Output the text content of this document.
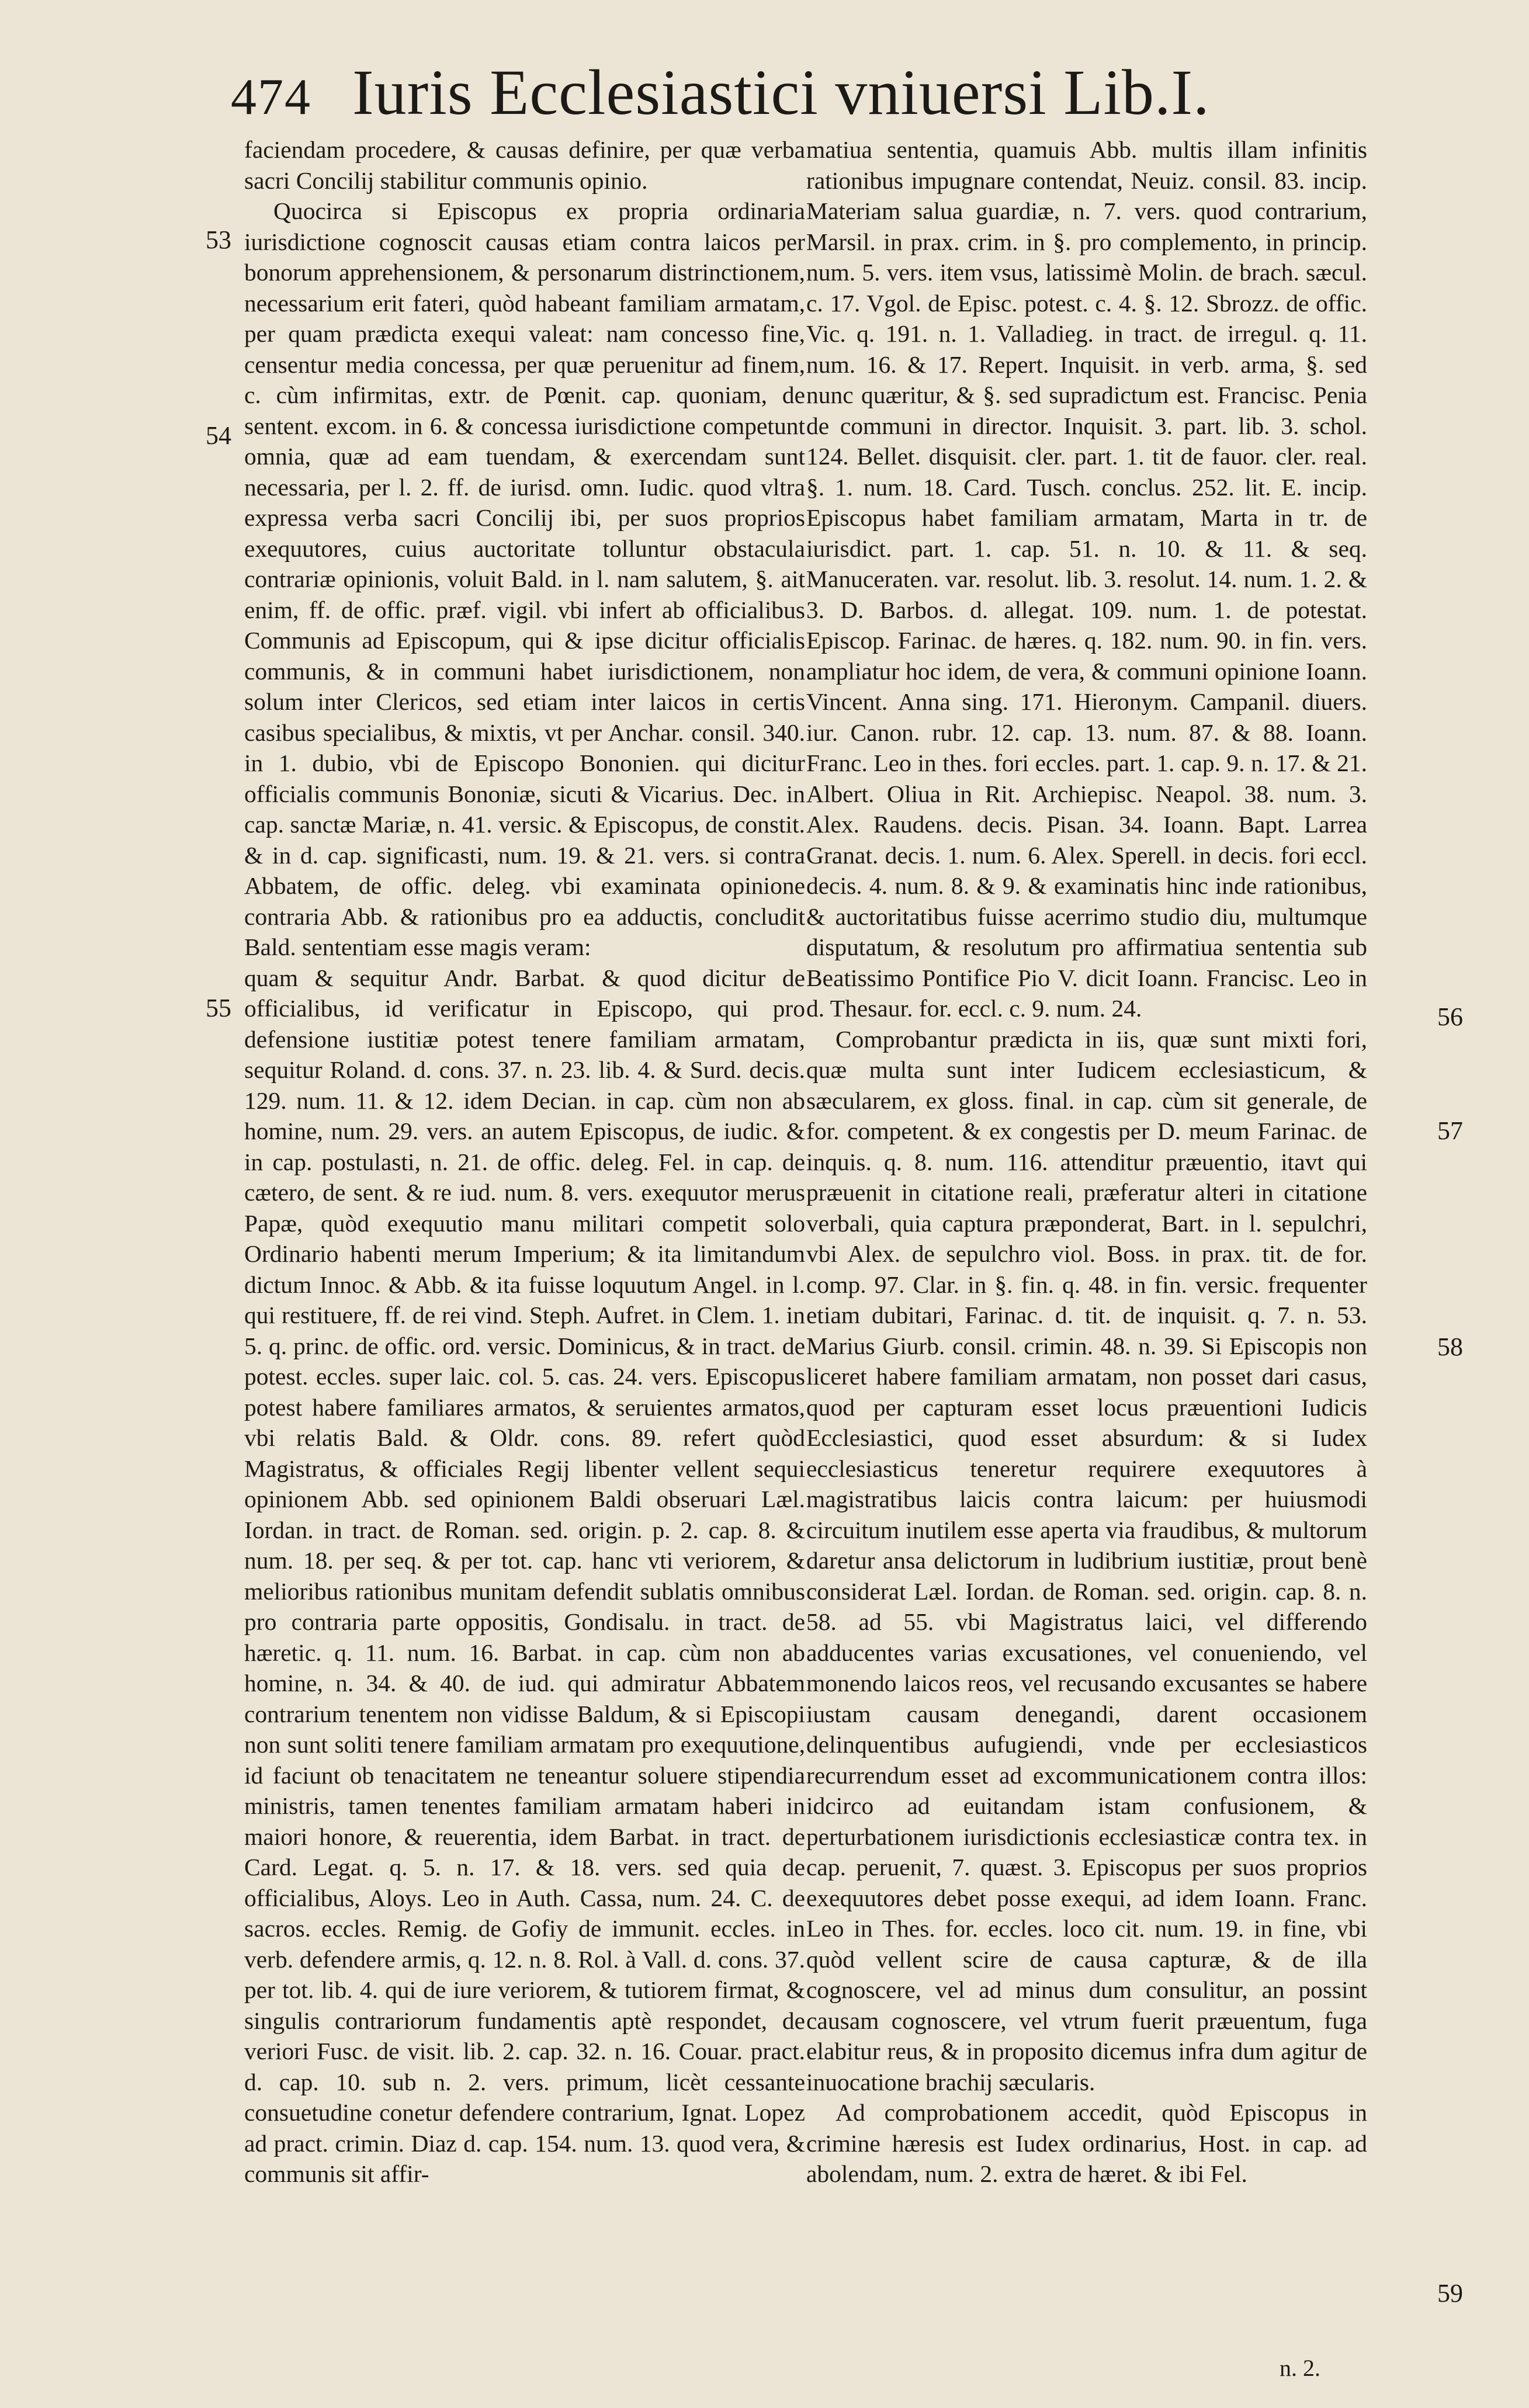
474 Iuris Ecclesiastici vniuersi Lib.I.

faciendam procedere, & causas definire, per quæ verba sacri Concilij stabilitur communis opinio.

Quocirca si Episcopus ex propria ordinaria iurisdictione cognoscit causas etiam contra laicos per bonorum apprehensionem, & personarum distrinctionem, necessarium erit fateri, quòd habeant familiam armatam, per quam prædicta exequi valeat: nam concesso fine, censentur media concessa, per quæ peruenitur ad finem, c. cùm infirmitas, extr. de Pœnit. cap. quoniam, de sentent. excom. in 6. & concessa iurisdictione competunt omnia, quæ ad eam tuendam, & exercendam sunt necessaria, per l. 2. ff. de iurisd. omn. Iudic. quod vltra expressa verba sacri Concilij ibi, per suos proprios exequutores, cuius auctoritate tolluntur obstacula contrariæ opinionis, voluit Bald. in l. nam salutem, §. ait enim, ff. de offic. præf. vigil. vbi infert ab officialibus Communis ad Episcopum, qui & ipse dicitur officialis communis, & in communi habet iurisdictionem, non solum inter Clericos, sed etiam inter laicos in certis casibus specialibus, & mixtis, vt per Anchar. consil. 340. in 1. dubio, vbi de Episcopo Bononien. qui dicitur officialis communis Bononiæ, sicuti & Vicarius. Dec. in cap. sanctæ Mariæ, n. 41. versic. & Episcopus, de constit. & in d. cap. significasti, num. 19. & 21. vers. si contra Abbatem, de offic. deleg. vbi examinata opinione contraria Abb. & rationibus pro ea adductis, concludit Bald. sententiam esse magis veram:

quam & sequitur Andr. Barbat. & quod dicitur de officialibus, id verificatur in Episcopo, qui pro defensione iustitiæ potest tenere familiam armatam, sequitur Roland. d. cons. 37. n. 23. lib. 4. & Surd. decis. 129. num. 11. & 12. idem Decian. in cap. cùm non ab homine, num. 29. vers. an autem Episcopus, de iudic. & in cap. postulasti, n. 21. de offic. deleg. Fel. in cap. de cætero, de sent. & re iud. num. 8. vers. exequutor merus Papæ, quòd exequutio manu militari competit solo Ordinario habenti merum Imperium; & ita limitandum dictum Innoc. & Abb. & ita fuisse loquutum Angel. in l. qui restituere, ff. de rei vind. Steph. Aufret. in Clem. 1. in 5. q. princ. de offic. ord. versic. Dominicus, & in tract. de potest. eccles. super laic. col. 5. cas. 24. vers. Episcopus potest habere familiares armatos, & seruientes armatos, vbi relatis Bald. & Oldr. cons. 89. refert quòd Magistratus, & officiales Regij libenter vellent sequi opinionem Abb. sed opinionem Baldi obseruari Læl. Iordan. in tract. de Roman. sed. origin. p. 2. cap. 8. & num. 18. per seq. & per tot. cap. hanc vti veriorem, & melioribus rationibus munitam defendit sublatis omnibus pro contraria parte oppositis, Gondisalu. in tract. de hæretic. q. 11. num. 16. Barbat. in cap. cùm non ab homine, n. 34. & 40. de iud. qui admiratur Abbatem contrarium tenentem non vidisse Baldum, & si Episcopi non sunt soliti tenere familiam armatam pro exequutione, id faciunt ob tenacitatem ne teneantur soluere stipendia ministris, tamen tenentes familiam armatam haberi in maiori honore, & reuerentia, idem Barbat. in tract. de Card. Legat. q. 5. n. 17. & 18. vers. sed quia de officialibus, Aloys. Leo in Auth. Cassa, num. 24. C. de sacros. eccles. Remig. de Gofiy de immunit. eccles. in verb. defendere armis, q. 12. n. 8. Rol. à Vall. d. cons. 37. per tot. lib. 4. qui de iure veriorem, & tutiorem firmat, & singulis contrariorum fundamentis aptè respondet, de veriori Fusc. de visit. lib. 2. cap. 32. n. 16. Couar. pract. d. cap. 10. sub n. 2. vers. primum, licèt cessante consuetudine conetur defendere contrarium, Ignat. Lopez ad pract. crimin. Diaz d. cap. 154. num. 13. quod vera, & communis sit affir-

matiua sententia, quamuis Abb. multis illam infinitis rationibus impugnare contendat, Neuiz. consil. 83. incip. Materiam salua guardiæ, n. 7. vers. quod contrarium, Marsil. in prax. crim. in §. pro complemento, in princip. num. 5. vers. item vsus, latissimè Molin. de brach. sæcul. c. 17. Vgol. de Episc. potest. c. 4. §. 12. Sbrozz. de offic. Vic. q. 191. n. 1. Valladieg. in tract. de irregul. q. 11. num. 16. & 17. Repert. Inquisit. in verb. arma, §. sed nunc quæritur, & §. sed supradictum est. Francisc. Penia de communi in director. Inquisit. 3. part. lib. 3. schol. 124. Bellet. disquisit. cler. part. 1. tit de fauor. cler. real. §. 1. num. 18. Card. Tusch. conclus. 252. lit. E. incip. Episcopus habet familiam armatam, Marta in tr. de iurisdict. part. 1. cap. 51. n. 10. & 11. & seq. Manuceraten. var. resolut. lib. 3. resolut. 14. num. 1. 2. & 3. D. Barbos. d. allegat. 109. num. 1. de potestat. Episcop. Farinac. de hæres. q. 182. num. 90. in fin. vers. ampliatur hoc idem, de vera, & communi opinione Ioann. Vincent. Anna sing. 171. Hieronym. Campanil. diuers. iur. Canon. rubr. 12. cap. 13. num. 87. & 88. Ioann. Franc. Leo in thes. fori eccles. part. 1. cap. 9. n. 17. & 21. Albert. Oliua in Rit. Archiepisc. Neapol. 38. num. 3. Alex. Raudens. decis. Pisan. 34. Ioann. Bapt. Larrea Granat. decis. 1. num. 6. Alex. Sperell. in decis. fori eccl. decis. 4. num. 8. & 9. & examinatis hinc inde rationibus, & auctoritatibus fuisse acerrimo studio diu, multumque disputatum, & resolutum pro affirmatiua sententia sub Beatissimo Pontifice Pio V. dicit Ioann. Francisc. Leo in d. Thesaur. for. eccl. c. 9. num. 24.

Comprobantur prædicta in iis, quæ sunt mixti fori, quæ multa sunt inter Iudicem ecclesiasticum, & sæcularem, ex gloss. final. in cap. cùm sit generale, de for. competent. & ex congestis per D. meum Farinac. de inquis. q. 8. num. 116. attenditur præuentio, itavt qui præuenit in citatione reali, præferatur alteri in citatione verbali, quia captura præponderat, Bart. in l. sepulchri, vbi Alex. de sepulchro viol. Boss. in prax. tit. de for. comp. 97. Clar. in §. fin. q. 48. in fin. versic. frequenter etiam dubitari, Farinac. d. tit. de inquisit. q. 7. n. 53. Marius Giurb. consil. crimin. 48. n. 39. Si Episcopis non liceret habere familiam armatam, non posset dari casus, quod per capturam esset locus præuentioni Iudicis Ecclesiastici, quod esset absurdum: & si Iudex ecclesiasticus teneretur requirere exequutores à magistratibus laicis contra laicum: per huiusmodi circuitum inutilem esse aperta via fraudibus, & multorum daretur ansa delictorum in ludibrium iustitiæ, prout benè considerat Læl. Iordan. de Roman. sed. origin. cap. 8. n. 58. ad 55. vbi Magistratus laici, vel differendo adducentes varias excusationes, vel conueniendo, vel monendo laicos reos, vel recusando excusantes se habere iustam causam denegandi, darent occasionem delinquentibus aufugiendi, vnde per ecclesiasticos recurrendum esset ad excommunicationem contra illos: idcirco ad euitandam istam confusionem, & perturbationem iurisdictionis ecclesiasticæ contra tex. in cap. peruenit, 7. quæst. 3. Episcopus per suos proprios exequutores debet posse exequi, ad idem Ioann. Franc. Leo in Thes. for. eccles. loco cit. num. 19. in fine, vbi quòd vellent scire de causa capturæ, & de illa cognoscere, vel ad minus dum consulitur, an possint causam cognoscere, vel vtrum fuerit præuentum, fuga elabitur reus, & in proposito dicemus infra dum agitur de inuocatione brachij sæcularis.

Ad comprobationem accedit, quòd Episcopus in crimine hæresis est Iudex ordinarius, Host. in cap. ad abolendam, num. 2. extra de hæret. & ibi Fel.

53
54
55	56
57
58
59
n. 2.
